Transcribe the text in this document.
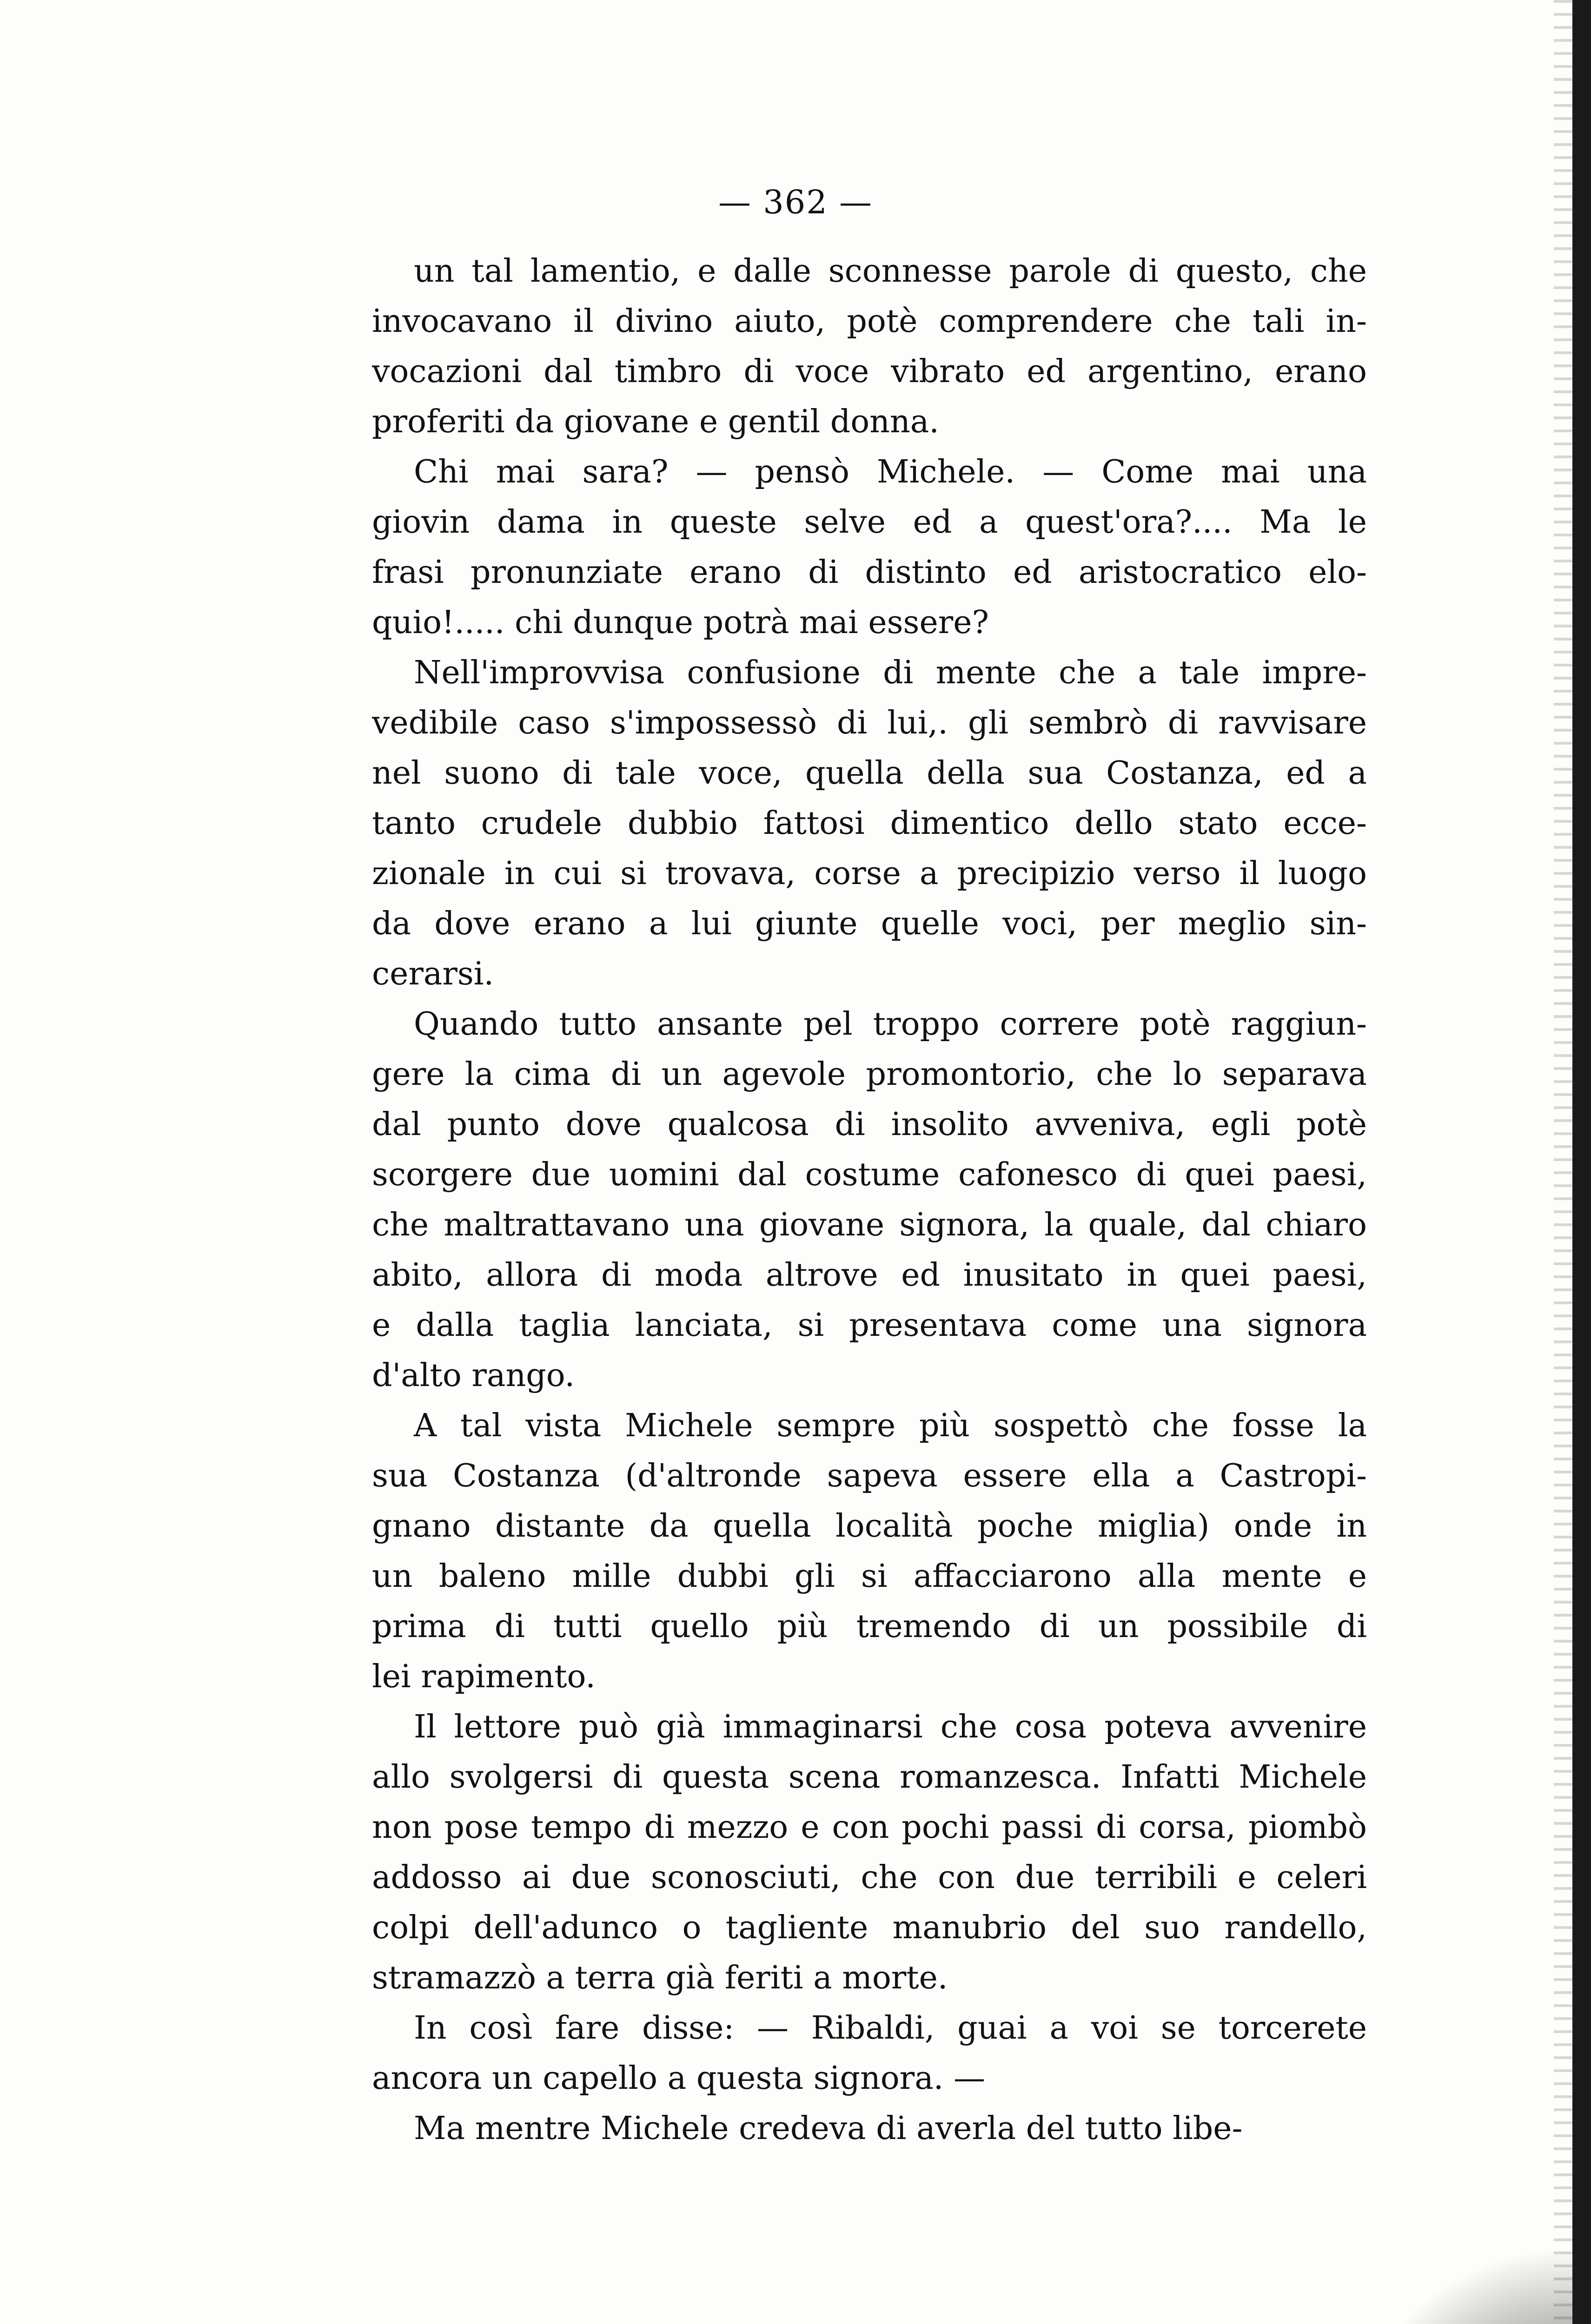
— 362 —
un tal lamentio, e dalle sconnesse parole di questo, che
invocavano il divino aiuto, potè comprendere che tali in-
vocazioni dal timbro di voce vibrato ed argentino, erano
proferiti da giovane e gentil donna.
Chi mai sara? — pensò Michele. — Come mai una
giovin dama in queste selve ed a quest'ora?.... Ma le
frasi pronunziate erano di distinto ed aristocratico elo-
quio!..... chi dunque potrà mai essere?
Nell'improvvisa confusione di mente che a tale impre-
vedibile caso s'impossessò di lui,. gli sembrò di ravvisare
nel suono di tale voce, quella della sua Costanza, ed a
tanto crudele dubbio fattosi dimentico dello stato ecce-
zionale in cui si trovava, corse a precipizio verso il luogo
da dove erano a lui giunte quelle voci, per meglio sin-
cerarsi.
Quando tutto ansante pel troppo correre potè raggiun-
gere la cima di un agevole promontorio, che lo separava
dal punto dove qualcosa di insolito avveniva, egli potè
scorgere due uomini dal costume cafonesco di quei paesi,
che maltrattavano una giovane signora, la quale, dal chiaro
abito, allora di moda altrove ed inusitato in quei paesi,
e dalla taglia lanciata, si presentava come una signora
d'alto rango.
A tal vista Michele sempre più sospettò che fosse la
sua Costanza (d'altronde sapeva essere ella a Castropi-
gnano distante da quella località poche miglia) onde in
un baleno mille dubbi gli si affacciarono alla mente e
prima di tutti quello più tremendo di un possibile di
lei rapimento.
Il lettore può già immaginarsi che cosa poteva avvenire
allo svolgersi di questa scena romanzesca. Infatti Michele
non pose tempo di mezzo e con pochi passi di corsa, piombò
addosso ai due sconosciuti, che con due terribili e celeri
colpi dell'adunco o tagliente manubrio del suo randello,
stramazzò a terra già feriti a morte.
In così fare disse: — Ribaldi, guai a voi se torcerete
ancora un capello a questa signora. —
Ma mentre Michele credeva di averla del tutto libe-
